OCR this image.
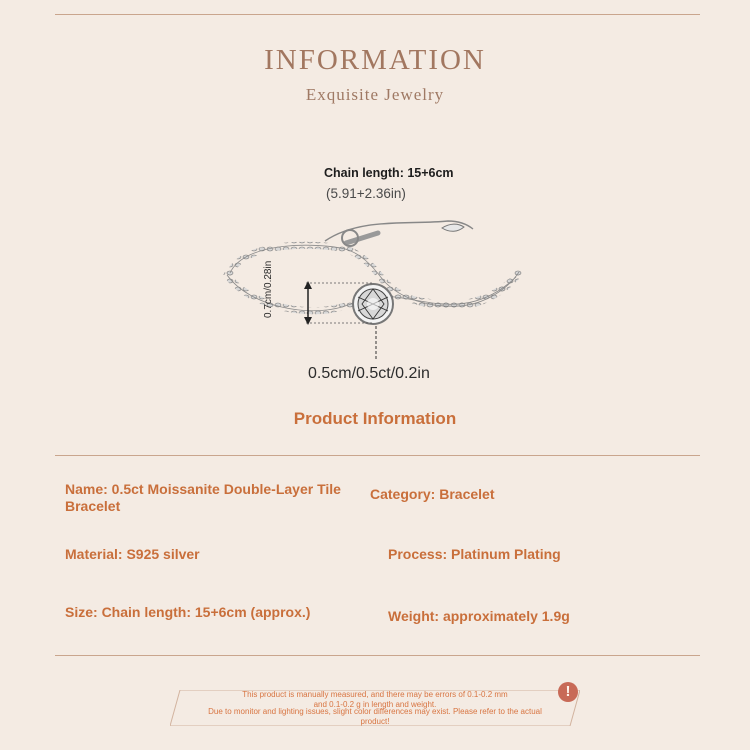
INFORMATION
Exquisite Jewelry
Chain length: 15+6cm
(5.91+2.36in)
0.7cm/0.28in
0.5cm/0.5ct/0.2in
Product Information
Name: 0.5ct Moissanite Double-Layer Tile Bracelet
Category: Bracelet
Material: S925 silver	Process: Platinum Plating
Size: Chain length: 15+6cm (approx.)	Weight: approximately 1.9g
This product is manually measured, and there may be errors of 0.1-0.2 mm
and 0.1-0.2 g in length and weight.
Due to monitor and lighting issues, slight color differences may exist. Please refer to the actual
product!
!
